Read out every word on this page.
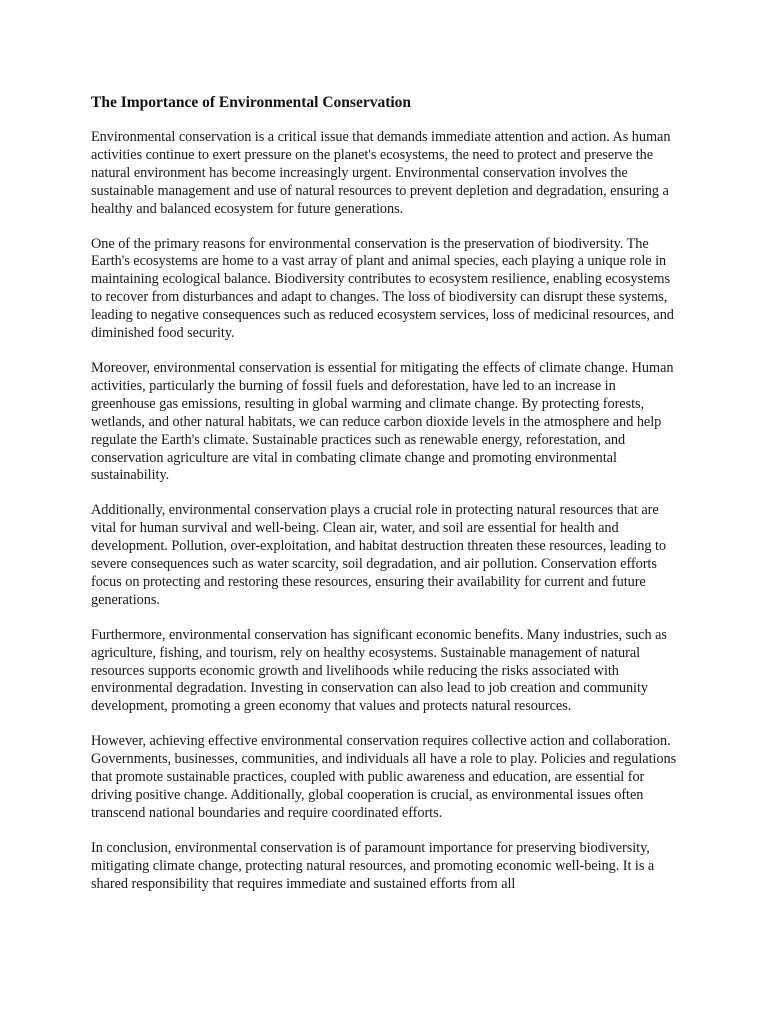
The Importance of Environmental Conservation

Environmental conservation is a critical issue that demands immediate attention and action. As human activities continue to exert pressure on the planet's ecosystems, the need to protect and preserve the natural environment has become increasingly urgent. Environmental conservation involves the sustainable management and use of natural resources to prevent depletion and degradation, ensuring a healthy and balanced ecosystem for future generations.

One of the primary reasons for environmental conservation is the preservation of biodiversity. The Earth's ecosystems are home to a vast array of plant and animal species, each playing a unique role in maintaining ecological balance. Biodiversity contributes to ecosystem resilience, enabling ecosystems to recover from disturbances and adapt to changes. The loss of biodiversity can disrupt these systems, leading to negative consequences such as reduced ecosystem services, loss of medicinal resources, and diminished food security.

Moreover, environmental conservation is essential for mitigating the effects of climate change. Human activities, particularly the burning of fossil fuels and deforestation, have led to an increase in greenhouse gas emissions, resulting in global warming and climate change. By protecting forests, wetlands, and other natural habitats, we can reduce carbon dioxide levels in the atmosphere and help regulate the Earth's climate. Sustainable practices such as renewable energy, reforestation, and conservation agriculture are vital in combating climate change and promoting environmental sustainability.

Additionally, environmental conservation plays a crucial role in protecting natural resources that are vital for human survival and well-being. Clean air, water, and soil are essential for health and development. Pollution, over-exploitation, and habitat destruction threaten these resources, leading to severe consequences such as water scarcity, soil degradation, and air pollution. Conservation efforts focus on protecting and restoring these resources, ensuring their availability for current and future generations.

Furthermore, environmental conservation has significant economic benefits. Many industries, such as agriculture, fishing, and tourism, rely on healthy ecosystems. Sustainable management of natural resources supports economic growth and livelihoods while reducing the risks associated with environmental degradation. Investing in conservation can also lead to job creation and community development, promoting a green economy that values and protects natural resources.

However, achieving effective environmental conservation requires collective action and collaboration. Governments, businesses, communities, and individuals all have a role to play. Policies and regulations that promote sustainable practices, coupled with public awareness and education, are essential for driving positive change. Additionally, global cooperation is crucial, as environmental issues often transcend national boundaries and require coordinated efforts.

In conclusion, environmental conservation is of paramount importance for preserving biodiversity, mitigating climate change, protecting natural resources, and promoting economic well-being. It is a shared responsibility that requires immediate and sustained efforts from all
